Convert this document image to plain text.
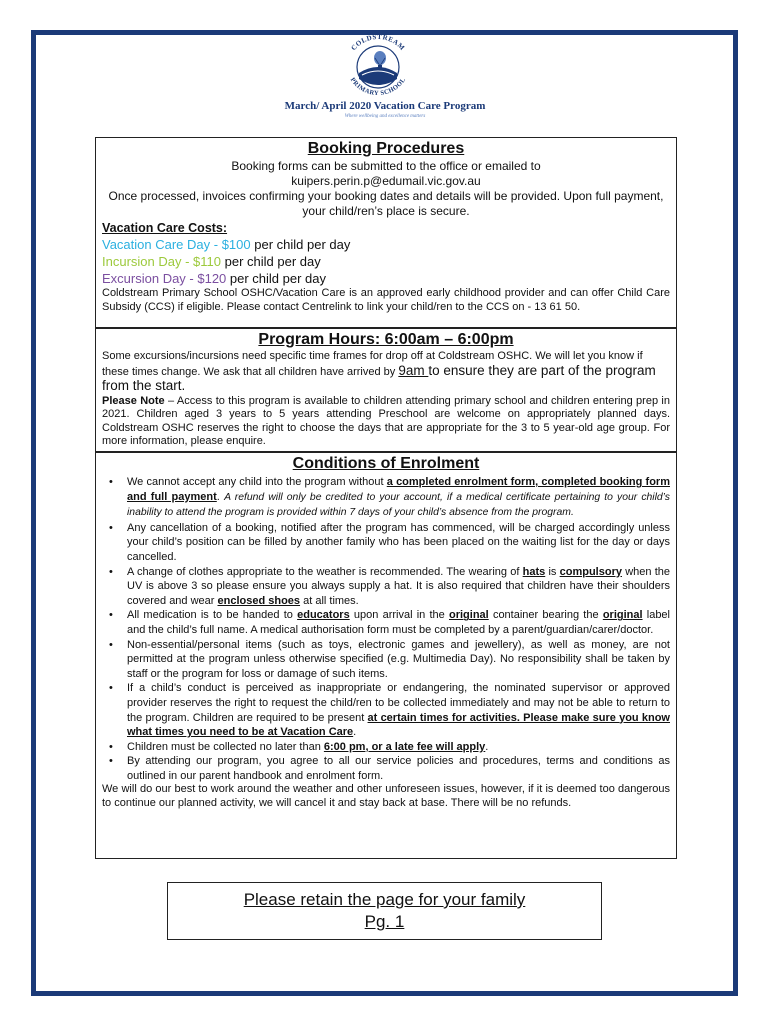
COLDSTREAM
PRIMARY SCHOOL
March/ April 2020 Vacation Care Program
Where wellbeing and excellence matters
Booking Procedures
Booking forms can be submitted to the office or emailed to
kuipers.perin.p@edumail.vic.gov.au
Once processed, invoices confirming your booking dates and details will be provided. Upon full payment, your child/ren’s place is secure.
Vacation Care Costs:
Vacation Care Day - $100 per child per day
Incursion Day - $110 per child per day
Excursion Day - $120 per child per day
Coldstream Primary School OSHC/Vacation Care is an approved early childhood provider and can offer Child Care Subsidy (CCS) if eligible. Please contact Centrelink to link your child/ren to the CCS on - 13 61 50.
Program Hours: 6:00am – 6:00pm
Some excursions/incursions need specific time frames for drop off at Coldstream OSHC. We will let you know if these times change. We ask that all children have arrived by 9am to ensure they are part of the program from the start.
Please Note – Access to this program is available to children attending primary school and children entering prep in 2021. Children aged 3 years to 5 years attending Preschool are welcome on appropriately planned days. Coldstream OSHC reserves the right to choose the days that are appropriate for the 3 to 5 year-old age group. For more information, please enquire.
Conditions of Enrolment
• We cannot accept any child into the program without a completed enrolment form, completed booking form and full payment. A refund will only be credited to your account, if a medical certificate pertaining to your child’s inability to attend the program is provided within 7 days of your child’s absence from the program.
• Any cancellation of a booking, notified after the program has commenced, will be charged accordingly unless your child’s position can be filled by another family who has been placed on the waiting list for the day or days cancelled.
• A change of clothes appropriate to the weather is recommended. The wearing of hats is compulsory when the UV is above 3 so please ensure you always supply a hat. It is also required that children have their shoulders covered and wear enclosed shoes at all times.
• All medication is to be handed to educators upon arrival in the original container bearing the original label and the child’s full name. A medical authorisation form must be completed by a parent/guardian/carer/doctor.
• Non-essential/personal items (such as toys, electronic games and jewellery), as well as money, are not permitted at the program unless otherwise specified (e.g. Multimedia Day). No responsibility shall be taken by staff or the program for loss or damage of such items.
• If a child’s conduct is perceived as inappropriate or endangering, the nominated supervisor or approved provider reserves the right to request the child/ren to be collected immediately and may not be able to return to the program. Children are required to be present at certain times for activities. Please make sure you know what times you need to be at Vacation Care.
• Children must be collected no later than 6:00 pm, or a late fee will apply.
• By attending our program, you agree to all our service policies and procedures, terms and conditions as outlined in our parent handbook and enrolment form.
We will do our best to work around the weather and other unforeseen issues, however, if it is deemed too dangerous to continue our planned activity, we will cancel it and stay back at base. There will be no refunds.
Please retain the page for your family
Pg. 1
